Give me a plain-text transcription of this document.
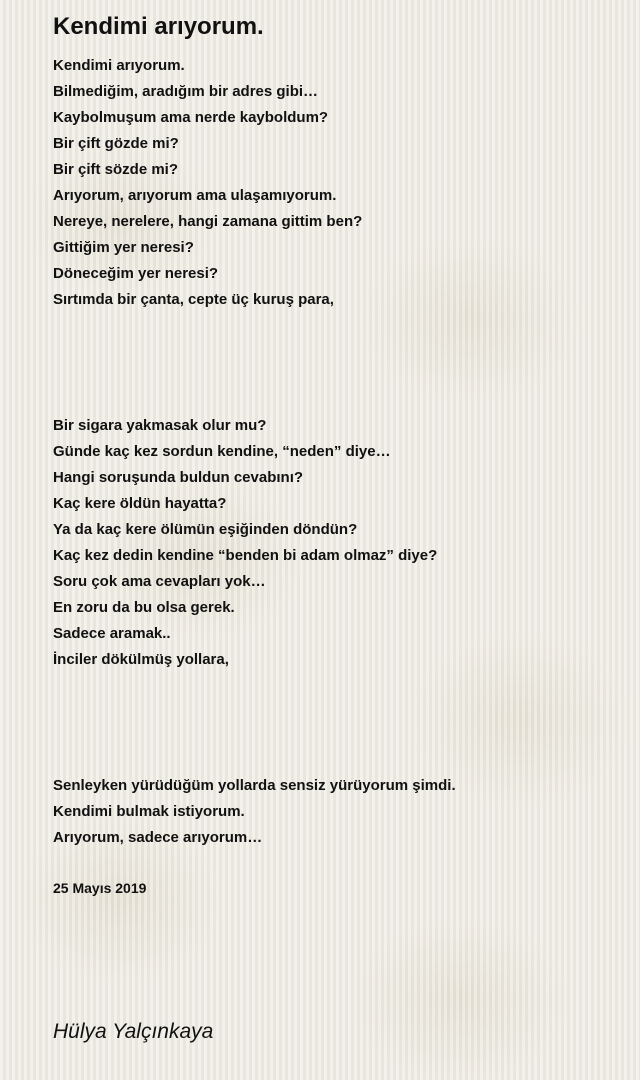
Kendimi arıyorum.
Kendimi arıyorum.
Bilmediğim, aradığım bir adres gibi…
Kaybolmuşum ama nerde kayboldum?
Bir çift gözde mi?
Bir çift sözde mi?
Arıyorum, arıyorum ama ulaşamıyorum.
Nereye, nerelere, hangi zamana gittim ben?
Gittiğim yer neresi?
Döneceğim yer neresi?
Sırtımda bir çanta, cepte üç kuruş para,
Bir sigara yakmasak olur mu?
Günde kaç kez sordun kendine, “neden” diye…
Hangi soruşunda buldun cevabını?
Kaç kere öldün hayatta?
Ya da kaç kere ölümün eşiğinden döndün?
Kaç kez dedin kendine “benden bi adam olmaz” diye?
Soru çok ama cevapları yok…
En zoru da bu olsa gerek.
Sadece aramak..
İnciler dökülmüş yollara,
Senleyken yürüdüğüm yollarda sensiz yürüyorum şimdi.
Kendimi bulmak istiyorum.
Arıyorum, sadece arıyorum…
25 Mayıs 2019
Hülya Yalçınkaya
